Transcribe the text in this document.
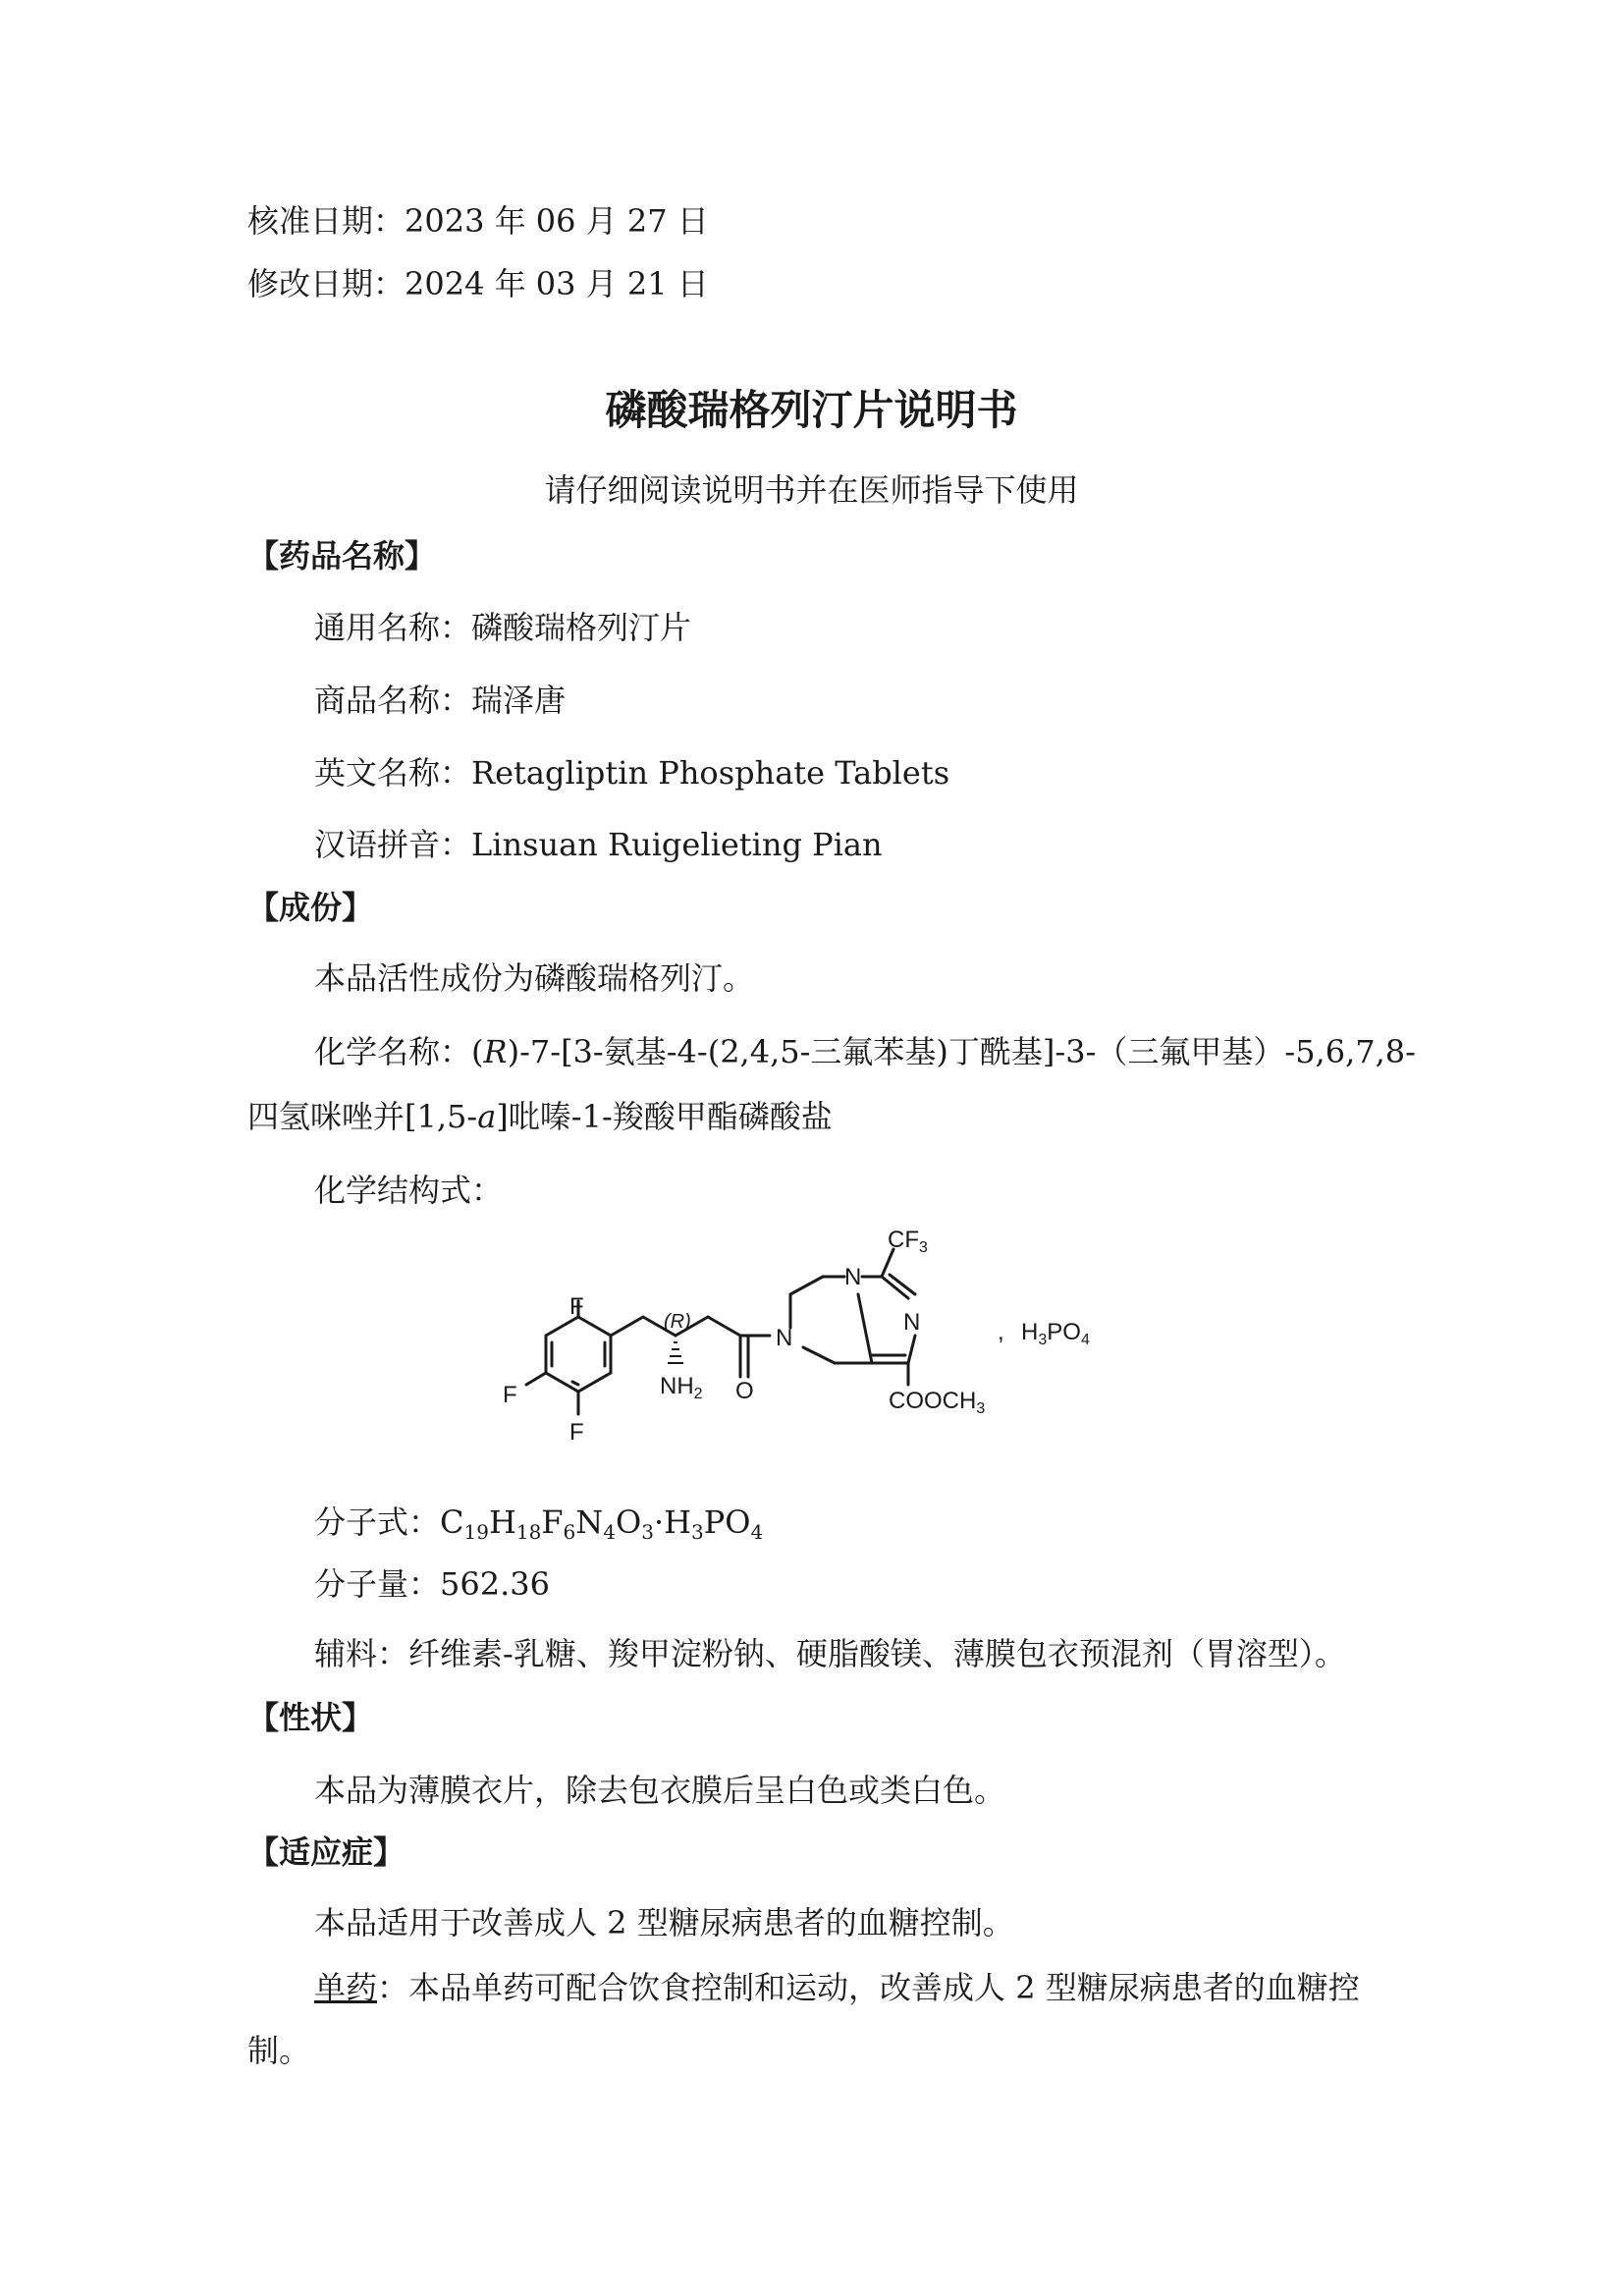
核准日期：2023 年 06 月 27 日
修改日期：2024 年 03 月 21 日
磷酸瑞格列汀片说明书
请仔细阅读说明书并在医师指导下使用
【药品名称】
通用名称：磷酸瑞格列汀片
商品名称：瑞泽唐
英文名称：Retagliptin Phosphate Tablets
汉语拼音：Linsuan Ruigelieting Pian
【成份】
本品活性成份为磷酸瑞格列汀。
化学名称：(R)-7-[3-氨基-4-(2,4,5-三氟苯基)丁酰基]-3-（三氟甲基）-5,6,7,8-
四氢咪唑并[1,5-a]吡嗪-1-羧酸甲酯磷酸盐
化学结构式：
F
F
F
(R)
$NH_2$ O
N
N
N
$CF_3$
$COOCH_3$
, $H_3PO_4$
分子式：$C_{19}H_{18}F_6N_4O_3\cdot H_3PO_4$
分子量：562.36
辅料：纤维素-乳糖、羧甲淀粉钠、硬脂酸镁、薄膜包衣预混剂（胃溶型）。
【性状】
本品为薄膜衣片，除去包衣膜后呈白色或类白色。
【适应症】
本品适用于改善成人 2 型糖尿病患者的血糖控制。
单药：本品单药可配合饮食控制和运动，改善成人 2 型糖尿病患者的血糖控
制。
